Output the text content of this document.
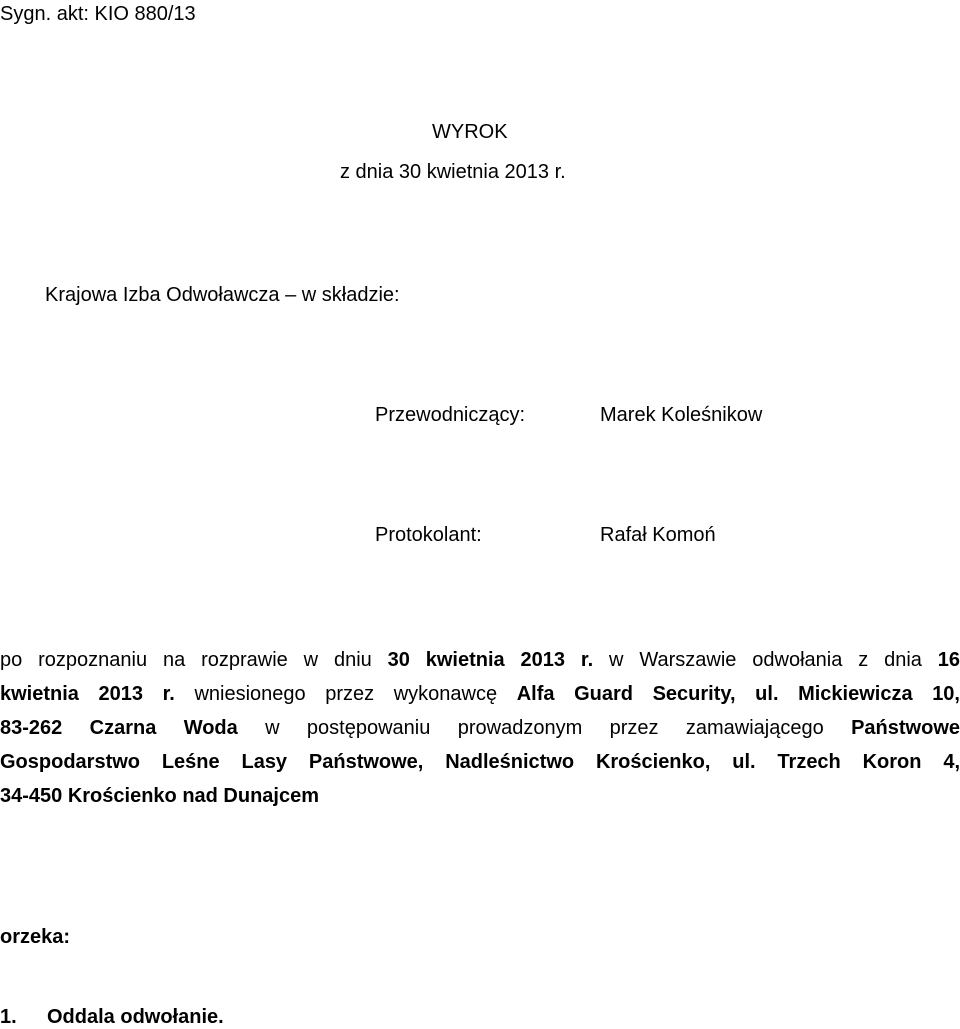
Sygn. akt: KIO 880/13
WYROK
z dnia 30 kwietnia 2013 r.
Krajowa Izba Odwoławcza – w składzie:
Przewodniczący:	Marek Koleśnikow
Protokolant:	Rafał Komoń
po rozpoznaniu na rozprawie w dniu 30 kwietnia 2013 r. w Warszawie odwołania z dnia 16
kwietnia 2013 r. wniesionego przez wykonawcę Alfa Guard Security, ul. Mickiewicza 10,
83-262 Czarna Woda w postępowaniu prowadzonym przez zamawiającego Państwowe
Gospodarstwo Leśne Lasy Państwowe, Nadleśnictwo Krościenko, ul. Trzech Koron 4,
34-450 Krościenko nad Dunajcem
orzeka:
1. Oddala odwołanie.
